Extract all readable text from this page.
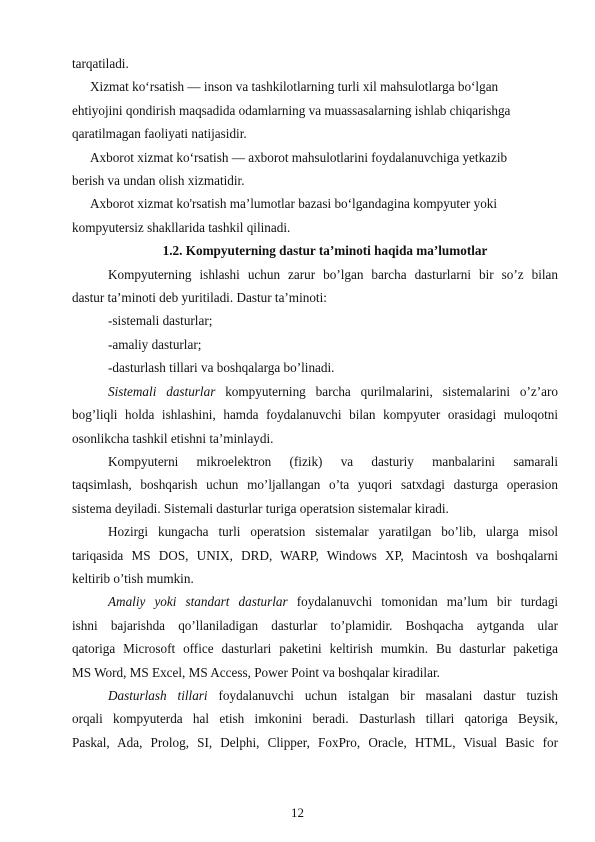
tarqatiladi.
Xizmat ko‘rsatish — inson va tashkilotlarning turli xil mahsulotlarga bo‘lgan
ehtiyojini qondirish maqsadida odamlarning va muassasalarning ishlab chiqarishga
qaratilmagan faoliyati natijasidir.
Axborot xizmat ko‘rsatish — axborot mahsulotlarini foydalanuvchiga yetkazib
berish va undan olish xizmatidir.
Axborot xizmat ko'rsatish ma’lumotlar bazasi bo‘lgandagina kompyuter yoki
kompyutersiz shakllarida tashkil qilinadi.
1.2. Kompyuterning dastur ta’minoti haqida ma’lumotlar
Kompyuterning ishlashi uchun zarur bo’lgan barcha dasturlarni bir so’z bilan
dastur ta’minoti deb yuritiladi. Dastur ta’minoti:
-sistemali dasturlar;
-amaliy dasturlar;
-dasturlash tillari va boshqalarga bo’linadi.
Sistemali dasturlar kompyuterning barcha qurilmalarini, sistemalarini o’z’aro
bog’liqli holda ishlashini, hamda foydalanuvchi bilan kompyuter orasidagi muloqotni
osonlikcha tashkil etishni ta’minlaydi.
Kompyuterni mikroelektron (fizik) va dasturiy manbalarini samarali
taqsimlash, boshqarish uchun mo’ljallangan o’ta yuqori satxdagi dasturga operasion
sistema deyiladi. Sistemali dasturlar turiga operatsion sistemalar kiradi.
Hozirgi kungacha turli operatsion sistemalar yaratilgan bo’lib, ularga misol
tariqasida MS DOS, UNIX, DRD, WARP, Windows XP, Macintosh va boshqalarni
keltirib o’tish mumkin.
Amaliy yoki standart dasturlar foydalanuvchi tomonidan ma’lum bir turdagi
ishni bajarishda qo’llaniladigan dasturlar to’plamidir. Boshqacha aytganda ular
qatoriga Microsoft office dasturlari paketini keltirish mumkin. Bu dasturlar paketiga
MS Word, MS Excel, MS Access, Power Point va boshqalar kiradilar.
Dasturlash tillari foydalanuvchi uchun istalgan bir masalani dastur tuzish
orqali kompyuterda hal etish imkonini beradi. Dasturlash tillari qatoriga Beysik,
Paskal, Ada, Prolog, SI, Delphi, Clipper, FoxPro, Oracle, HTML, Visual Basic for
12
